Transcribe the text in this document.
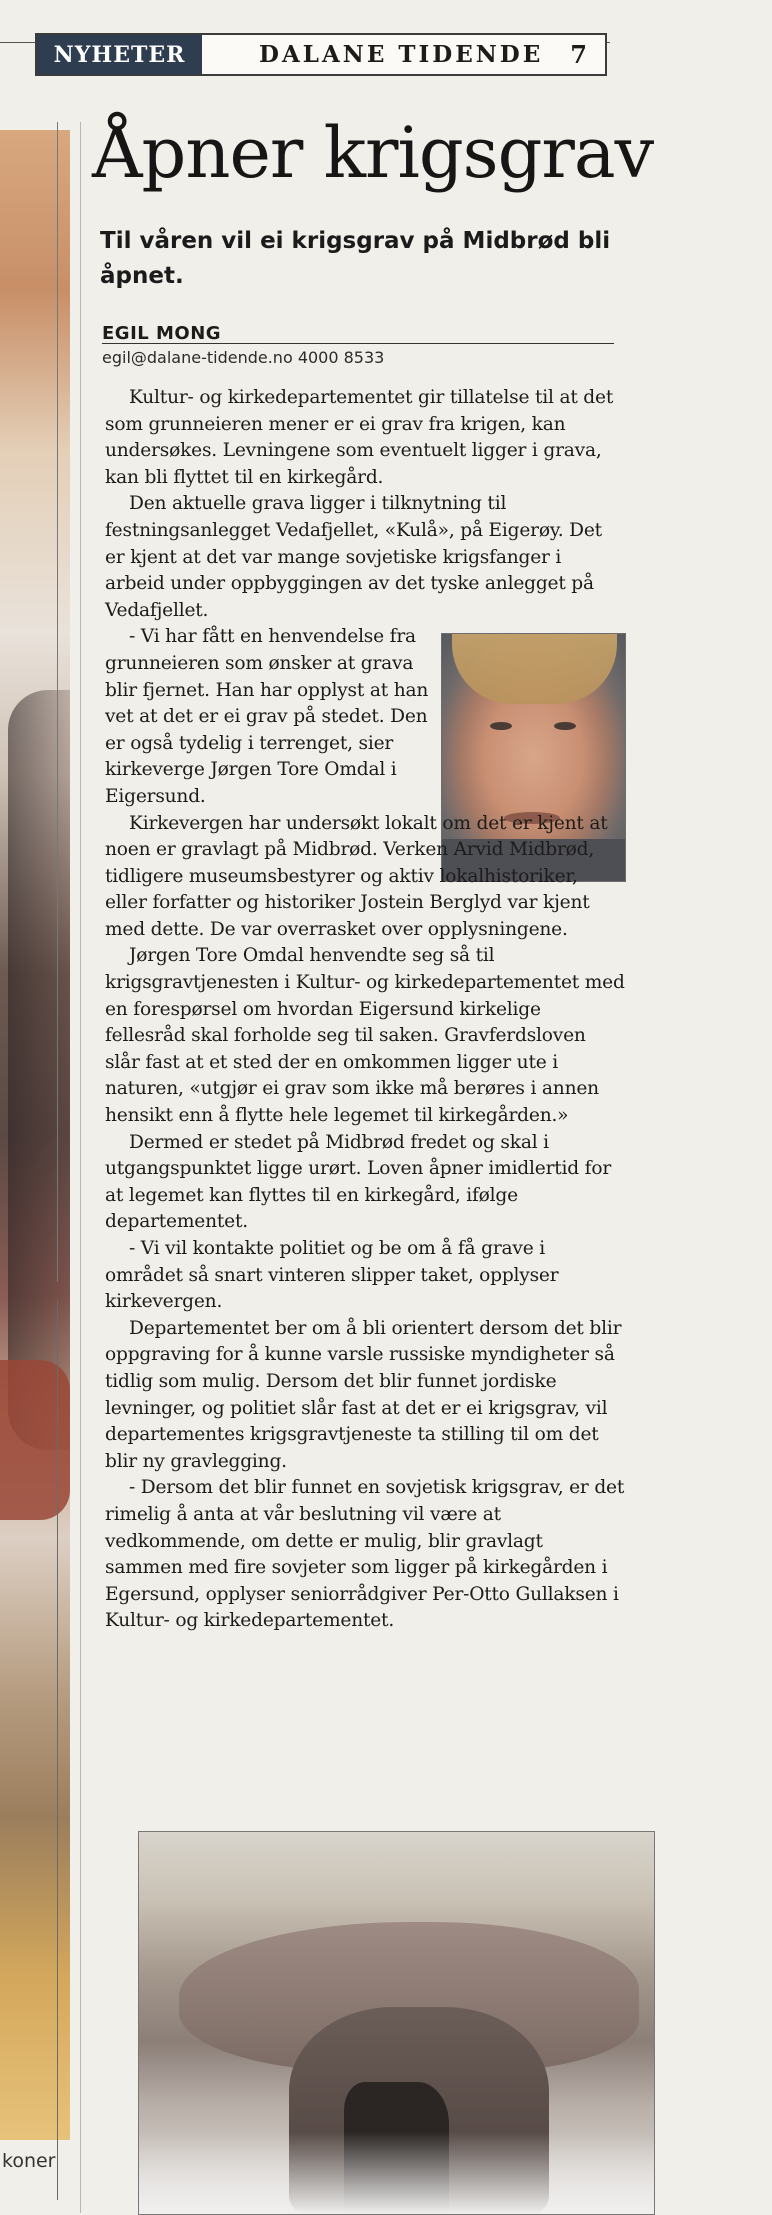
NYHETER	DALANE TIDENDE 7
koner
Åpner krigsgrav

Til våren vil ei krigsgrav på Midbrød bli åpnet.

EGIL MONG
egil@dalane-tidende.no 4000 8533

Kultur- og kirkedepartementet gir tillatelse til at det som grunneieren mener er ei grav fra krigen, kan undersøkes. Levningene som eventuelt ligger i grava, kan bli flyttet til en kirkegård.

Den aktuelle grava ligger i tilknytning til festningsanlegget Vedafjellet, «Kulå», på Eigerøy. Det er kjent at det var mange sovjetiske krigsfanger i arbeid under oppbyggingen av det tyske anlegget på Vedafjellet.

- Vi har fått en henvendelse fra grunneieren som ønsker at grava blir fjernet. Han har opplyst at han vet at det er ei grav på stedet. Den er også tydelig i terrenget, sier kirkeverge Jørgen Tore Omdal i Eigersund.

Kirkevergen har undersøkt lokalt om det er kjent at noen er gravlagt på Midbrød. Verken Arvid Midbrød, tidligere museumsbestyrer og aktiv lokalhistoriker, eller forfatter og historiker Jostein Berglyd var kjent med dette. De var overrasket over opplysningene.

Jørgen Tore Omdal henvendte seg så til krigsgravtjenesten i Kultur- og kirkedepartementet med en forespørsel om hvordan Eigersund kirkelige fellesråd skal forholde seg til saken. Gravferdsloven slår fast at et sted der en omkommen ligger ute i naturen, «utgjør ei grav som ikke må berøres i annen hensikt enn å flytte hele legemet til kirkegården.»

Dermed er stedet på Midbrød fredet og skal i utgangspunktet ligge urørt. Loven åpner imidlertid for at legemet kan flyttes til en kirkegård, ifølge departementet.

- Vi vil kontakte politiet og be om å få grave i området så snart vinteren slipper taket, opplyser kirkevergen.

Departementet ber om å bli orientert dersom det blir oppgraving for å kunne varsle russiske myndigheter så tidlig som mulig. Dersom det blir funnet jordiske levninger, og politiet slår fast at det er ei krigsgrav, vil departementes krigsgravtjeneste ta stilling til om det blir ny gravlegging.

- Dersom det blir funnet en sovjetisk krigsgrav, er det rimelig å anta at vår beslutning vil være at vedkommende, om dette er mulig, blir gravlagt sammen med fire sovjeter som ligger på kirkegården i Egersund, opplyser seniorrådgiver Per-Otto Gullaksen i Kultur- og kirkedepartementet.
